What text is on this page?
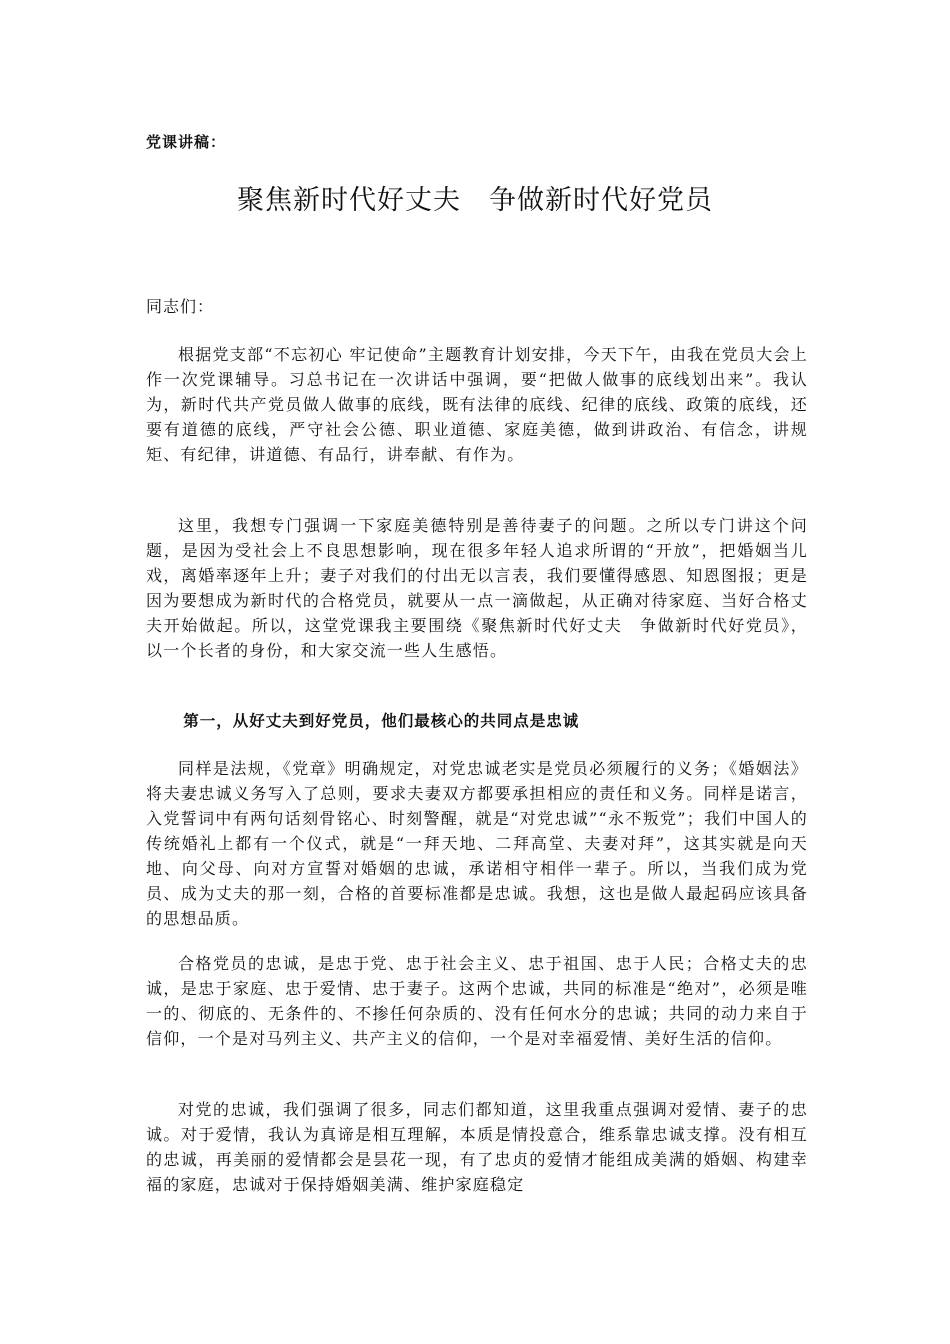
党课讲稿：
聚焦新时代好丈夫　争做新时代好党员
同志们：

根据党支部“不忘初心 牢记使命”主题教育计划安排，今天下午，由我在党员大会上作一次党课辅导。习总书记在一次讲话中强调，要“把做人做事的底线划出来”。我认为，新时代共产党员做人做事的底线，既有法律的底线、纪律的底线、政策的底线，还要有道德的底线，严守社会公德、职业道德、家庭美德，做到讲政治、有信念，讲规矩、有纪律，讲道德、有品行，讲奉献、有作为。

这里，我想专门强调一下家庭美德特别是善待妻子的问题。之所以专门讲这个问题，是因为受社会上不良思想影响，现在很多年轻人追求所谓的“开放”，把婚姻当儿戏，离婚率逐年上升；妻子对我们的付出无以言表，我们要懂得感恩、知恩图报；更是因为要想成为新时代的合格党员，就要从一点一滴做起，从正确对待家庭、当好合格丈夫开始做起。所以，这堂党课我主要围绕《聚焦新时代好丈夫　争做新时代好党员》，以一个长者的身份，和大家交流一些人生感悟。

第一，从好丈夫到好党员，他们最核心的共同点是忠诚

同样是法规，《党章》明确规定，对党忠诚老实是党员必须履行的义务；《婚姻法》将夫妻忠诚义务写入了总则，要求夫妻双方都要承担相应的责任和义务。同样是诺言，入党誓词中有两句话刻骨铭心、时刻警醒，就是“对党忠诚”“永不叛党”；我们中国人的传统婚礼上都有一个仪式，就是“一拜天地、二拜高堂、夫妻对拜”，这其实就是向天地、向父母、向对方宣誓对婚姻的忠诚，承诺相守相伴一辈子。所以，当我们成为党员、成为丈夫的那一刻，合格的首要标准都是忠诚。我想，这也是做人最起码应该具备的思想品质。

合格党员的忠诚，是忠于党、忠于社会主义、忠于祖国、忠于人民；合格丈夫的忠诚，是忠于家庭、忠于爱情、忠于妻子。这两个忠诚，共同的标准是“绝对”，必须是唯一的、彻底的、无条件的、不掺任何杂质的、没有任何水分的忠诚；共同的动力来自于信仰，一个是对马列主义、共产主义的信仰，一个是对幸福爱情、美好生活的信仰。

对党的忠诚，我们强调了很多，同志们都知道，这里我重点强调对爱情、妻子的忠诚。对于爱情，我认为真谛是相互理解，本质是情投意合，维系靠忠诚支撑。没有相互的忠诚，再美丽的爱情都会是昙花一现，有了忠贞的爱情才能组成美满的婚姻、构建幸福的家庭，忠诚对于保持婚姻美满、维护家庭稳定
